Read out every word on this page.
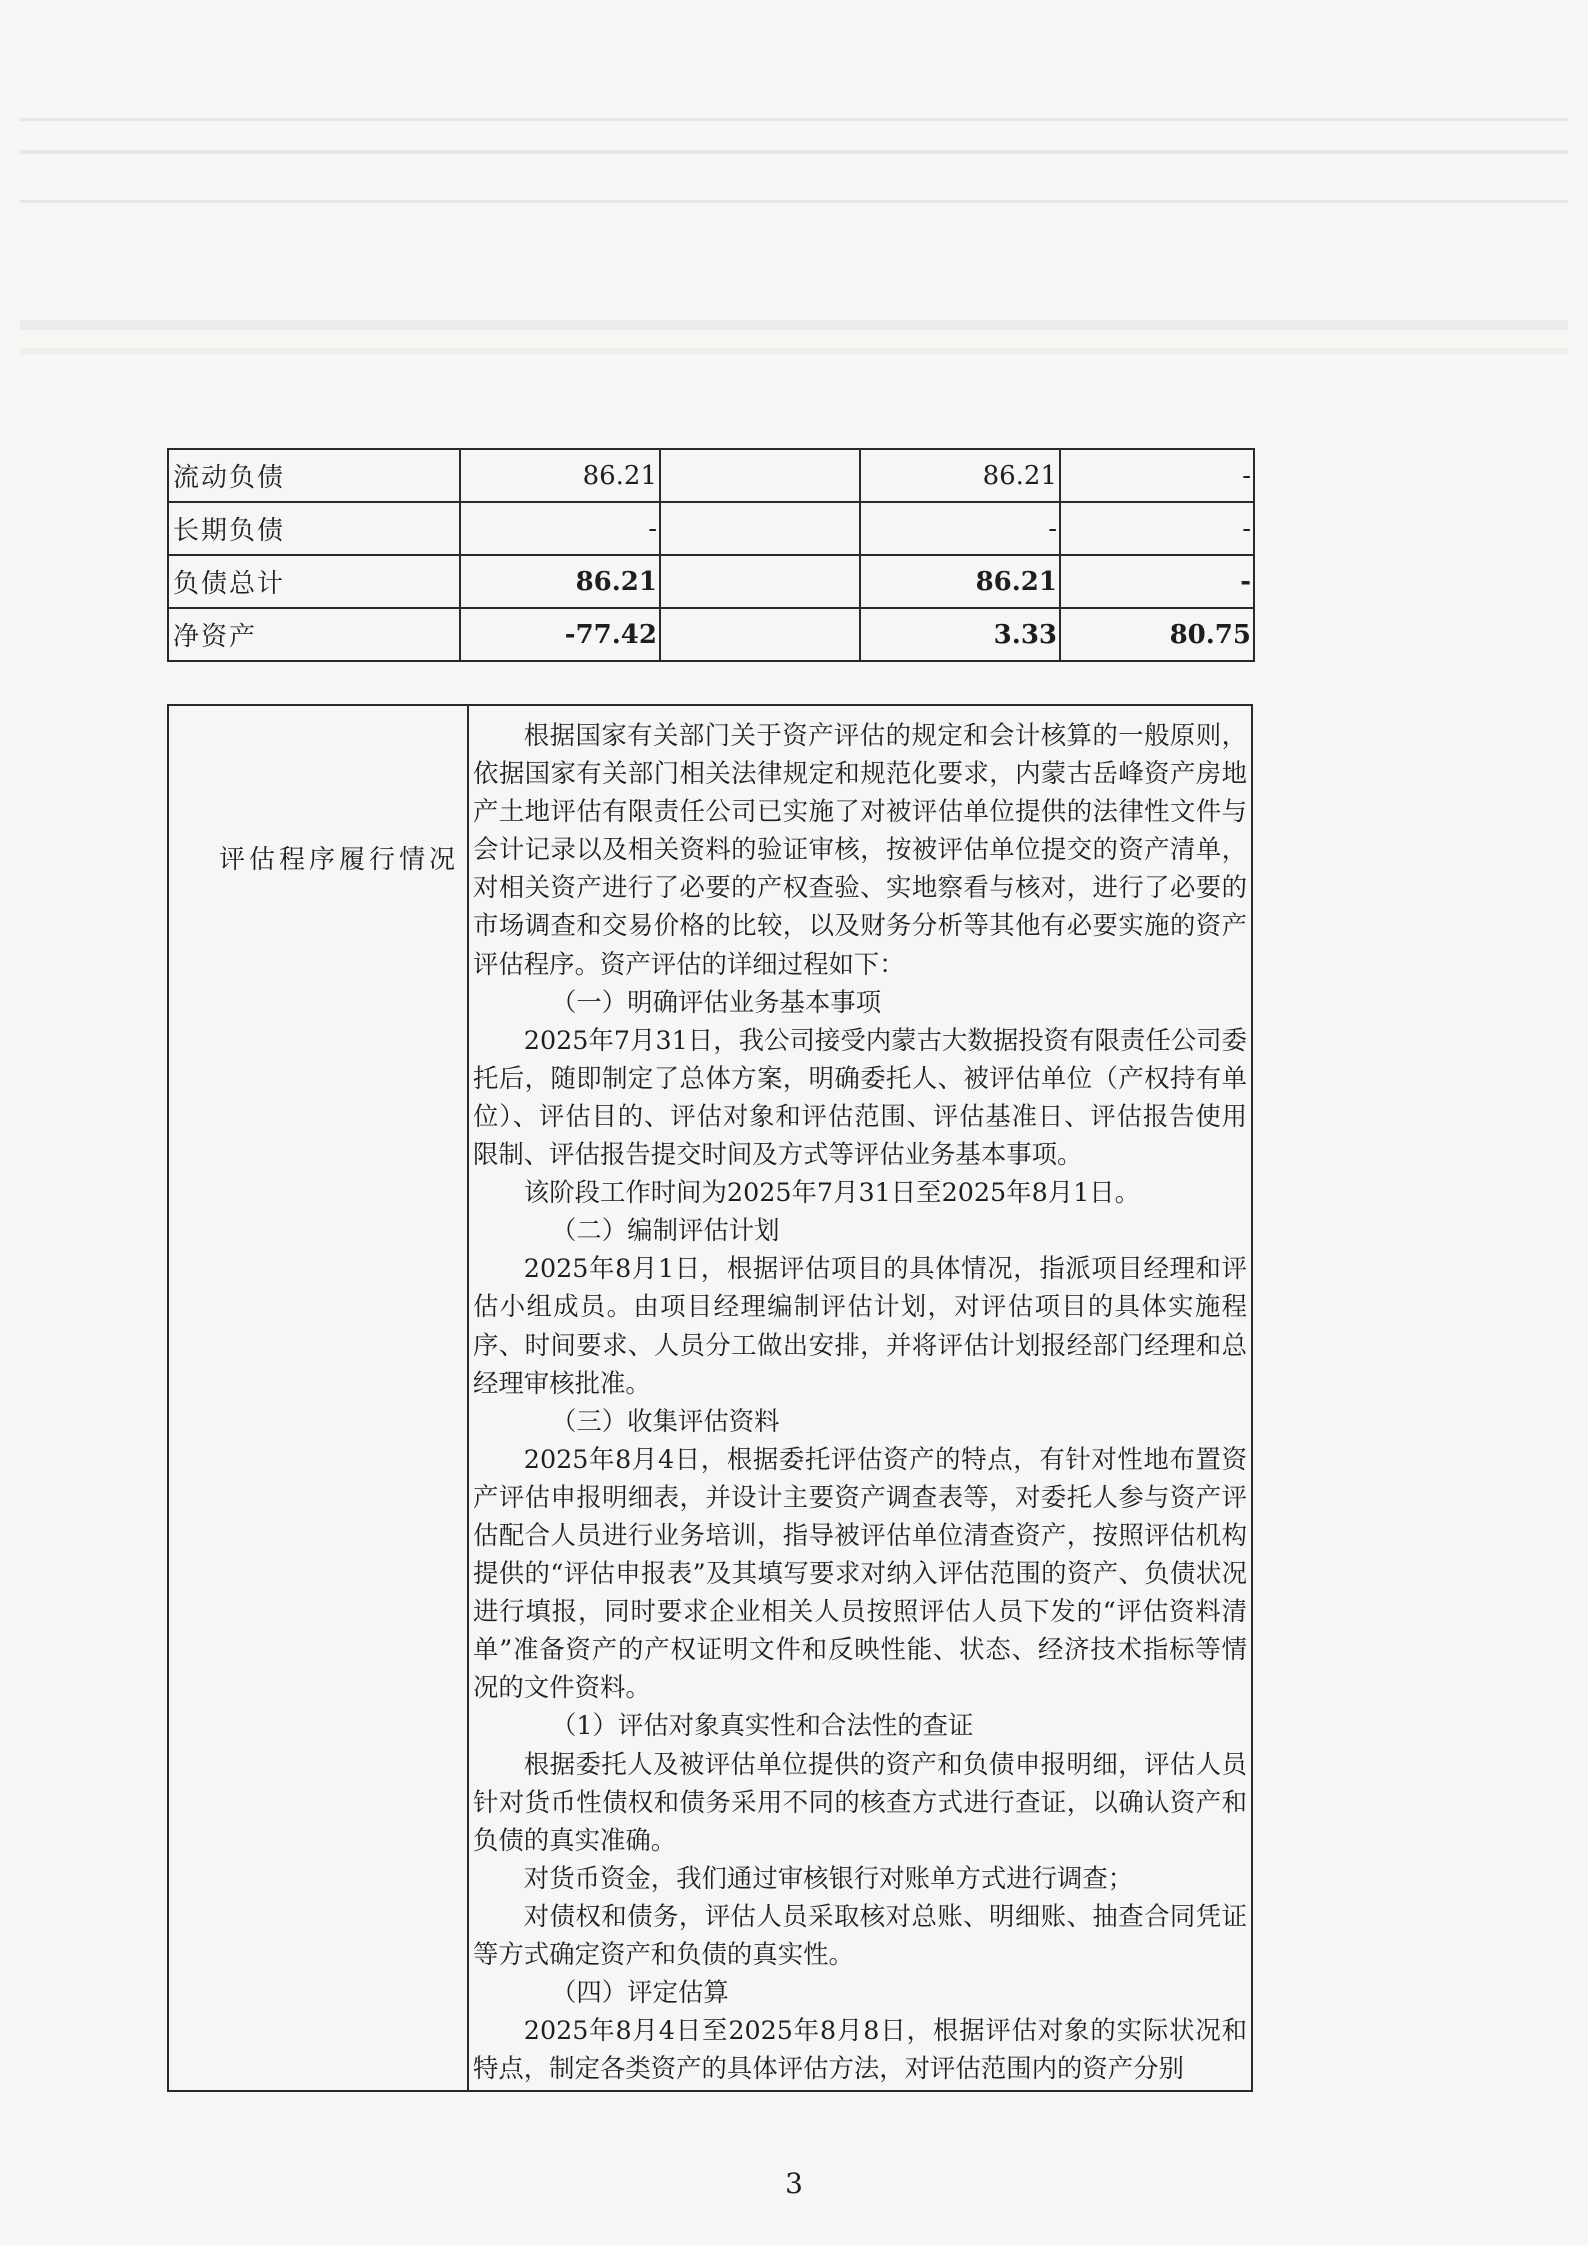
流动负债	86.21		86.21	-
长期负债	-		-	-
负债总计	86.21		86.21	-
净资产	-77.42		3.33	80.75
评估程序履行情况	

根据国家有关部门关于资产评估的规定和会计核算的一般原则，依据国家有关部门相关法律规定和规范化要求，内蒙古岳峰资产房地产土地评估有限责任公司已实施了对被评估单位提供的法律性文件与会计记录以及相关资料的验证审核，按被评估单位提交的资产清单，对相关资产进行了必要的产权查验、实地察看与核对，进行了必要的市场调查和交易价格的比较，以及财务分析等其他有必要实施的资产评估程序。资产评估的详细过程如下：

（一）明确评估业务基本事项

2025年7月31日，我公司接受内蒙古大数据投资有限责任公司委托后，随即制定了总体方案，明确委托人、被评估单位（产权持有单位）、评估目的、评估对象和评估范围、评估基准日、评估报告使用限制、评估报告提交时间及方式等评估业务基本事项。

该阶段工作时间为2025年7月31日至2025年8月1日。

（二）编制评估计划

2025年8月1日，根据评估项目的具体情况，指派项目经理和评估小组成员。由项目经理编制评估计划，对评估项目的具体实施程序、时间要求、人员分工做出安排，并将评估计划报经部门经理和总经理审核批准。

（三）收集评估资料

2025年8月4日，根据委托评估资产的特点，有针对性地布置资产评估申报明细表，并设计主要资产调查表等，对委托人参与资产评估配合人员进行业务培训，指导被评估单位清查资产，按照评估机构提供的“评估申报表”及其填写要求对纳入评估范围的资产、负债状况进行填报，同时要求企业相关人员按照评估人员下发的“评估资料清单”准备资产的产权证明文件和反映性能、状态、经济技术指标等情况的文件资料。

（1）评估对象真实性和合法性的查证

根据委托人及被评估单位提供的资产和负债申报明细，评估人员针对货币性债权和债务采用不同的核查方式进行查证，以确认资产和负债的真实准确。

对货币资金，我们通过审核银行对账单方式进行调查；

对债权和债务，评估人员采取核对总账、明细账、抽查合同凭证等方式确定资产和负债的真实性。

（四）评定估算

2025年8月4日至2025年8月8日，根据评估对象的实际状况和特点，制定各类资产的具体评估方法，对评估范围内的资产分别

3
